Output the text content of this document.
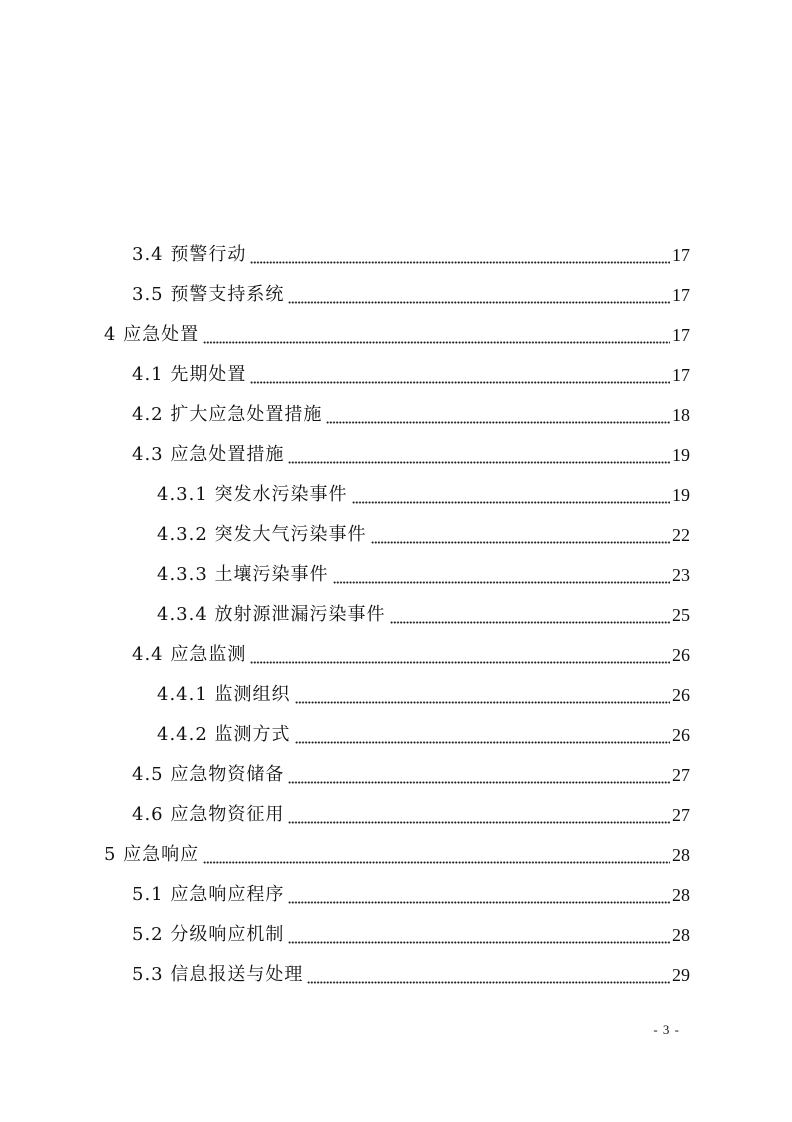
3.4 预警行动	17
3.5 预警支持系统	17
4 应急处置	17
4.1 先期处置	17
4.2 扩大应急处置措施	18
4.3 应急处置措施	19
4.3.1 突发水污染事件	19
4.3.2 突发大气污染事件	22
4.3.3 土壤污染事件	23
4.3.4 放射源泄漏污染事件	25
4.4 应急监测	26
4.4.1 监测组织	26
4.4.2 监测方式	26
4.5 应急物资储备	27
4.6 应急物资征用	27
5 应急响应	28
5.1 应急响应程序	28
5.2 分级响应机制	28
5.3 信息报送与处理	29
- 3 -
